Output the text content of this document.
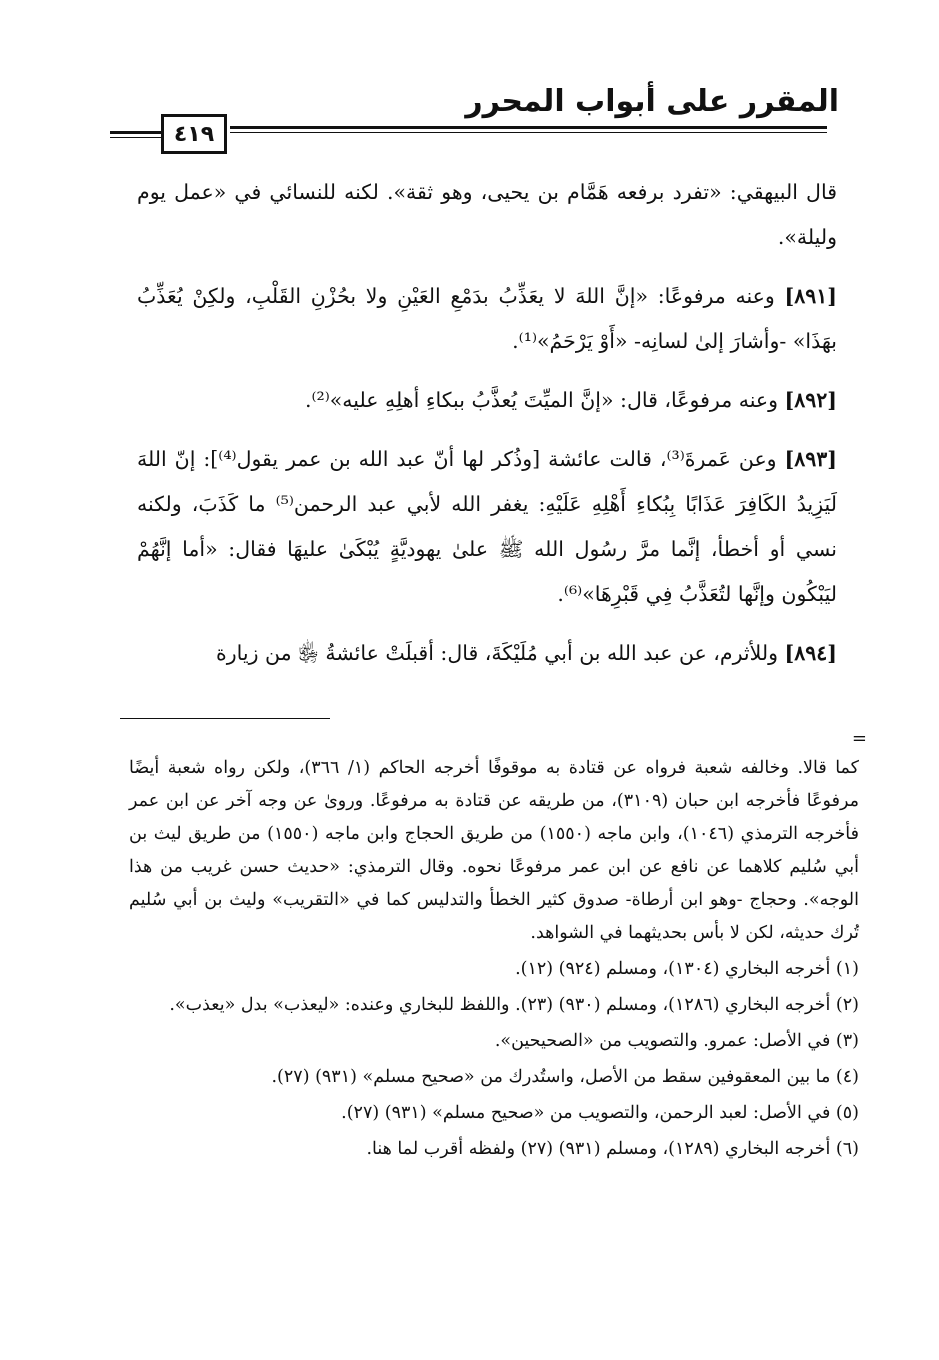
المقرر على أبواب المحرر
٤١٩

قال البيهقي: «تفرد برفعه هَمَّام بن يحيى، وهو ثقة». لكنه للنسائي في «عمل يوم وليلة».

[٨٩١] وعنه مرفوعًا: «إنَّ اللهَ لا يعَذِّبُ بدَمْعِ العَيْنِ ولا بحُزْنِ القَلْبِ، ولكِنْ يُعَذِّبُ بهَذَا» -وأشارَ إلىٰ لسانِه- «أَوْ يَرْحَمُ»⁽¹⁾.

[٨٩٢] وعنه مرفوعًا، قال: «إنَّ الميِّتَ يُعذَّبُ ببكاءِ أهلِهِ عليه»⁽²⁾.

[٨٩٣] وعن عَمرةَ⁽³⁾، قالت عائشة [وذُكر لها أنّ عبد الله بن عمر يقول⁽⁴⁾]: إنّ اللهَ لَيَزِيدُ الكَافِرَ عَذَابًا بِبُكاءِ أَهْلِهِ عَلَيْهِ: يغفر الله لأبي عبد الرحمن⁽⁵⁾ ما كَذَبَ، ولكنه نسي أو أخطأ، إنَّما مرَّ رسُول الله ﷺ علىٰ يهوديَّةٍ يُبْكَىٰ عليهَا فقال: «أما إنَّهُمْ ليَبْكُون وإنَّها لتُعَذَّبُ فِي قَبْرِهَا»⁽⁶⁾.

[٨٩٤] وللأثرم، عن عبد الله بن أبي مُلَيْكَةَ، قال: أقبلَتْ عائشةُ ﵂ من زيارة

=

كما قالا. وخالفه شعبة فرواه عن قتادة به موقوفًا أخرجه الحاكم (١/ ٣٦٦)، ولكن رواه شعبة أيضًا مرفوعًا فأخرجه ابن حبان (٣١٠٩)، من طريقه عن قتادة به مرفوعًا. وروىٰ عن وجه آخر عن ابن عمر فأخرجه الترمذي (١٠٤٦)، وابن ماجه (١٥٥٠) من طريق الحجاج وابن ماجه (١٥٥٠) من طريق ليث بن أبي سُليم كلاهما عن نافع عن ابن عمر مرفوعًا نحوه. وقال الترمذي: «حديث حسن غريب من هذا الوجه». وحجاج -وهو ابن أرطاة- صدوق كثير الخطأ والتدليس كما في «التقريب» وليث بن أبي سُليم تُرك حديثه، لكن لا بأس بحديثهما في الشواهد.

(١) أخرجه البخاري (١٣٠٤)، ومسلم (٩٢٤) (١٢).

(٢) أخرجه البخاري (١٢٨٦)، ومسلم (٩٣٠) (٢٣). واللفظ للبخاري وعنده: «ليعذب» بدل «يعذب».

(٣) في الأصل: عمرو. والتصويب من «الصحيحين».

(٤) ما بين المعقوفين سقط من الأصل، واستُدرك من «صحيح مسلم» (٩٣١) (٢٧).

(٥) في الأصل: لعبد الرحمن، والتصويب من «صحيح مسلم» (٩٣١) (٢٧).

(٦) أخرجه البخاري (١٢٨٩)، ومسلم (٩٣١) (٢٧) ولفظه أقرب لما هنا.
